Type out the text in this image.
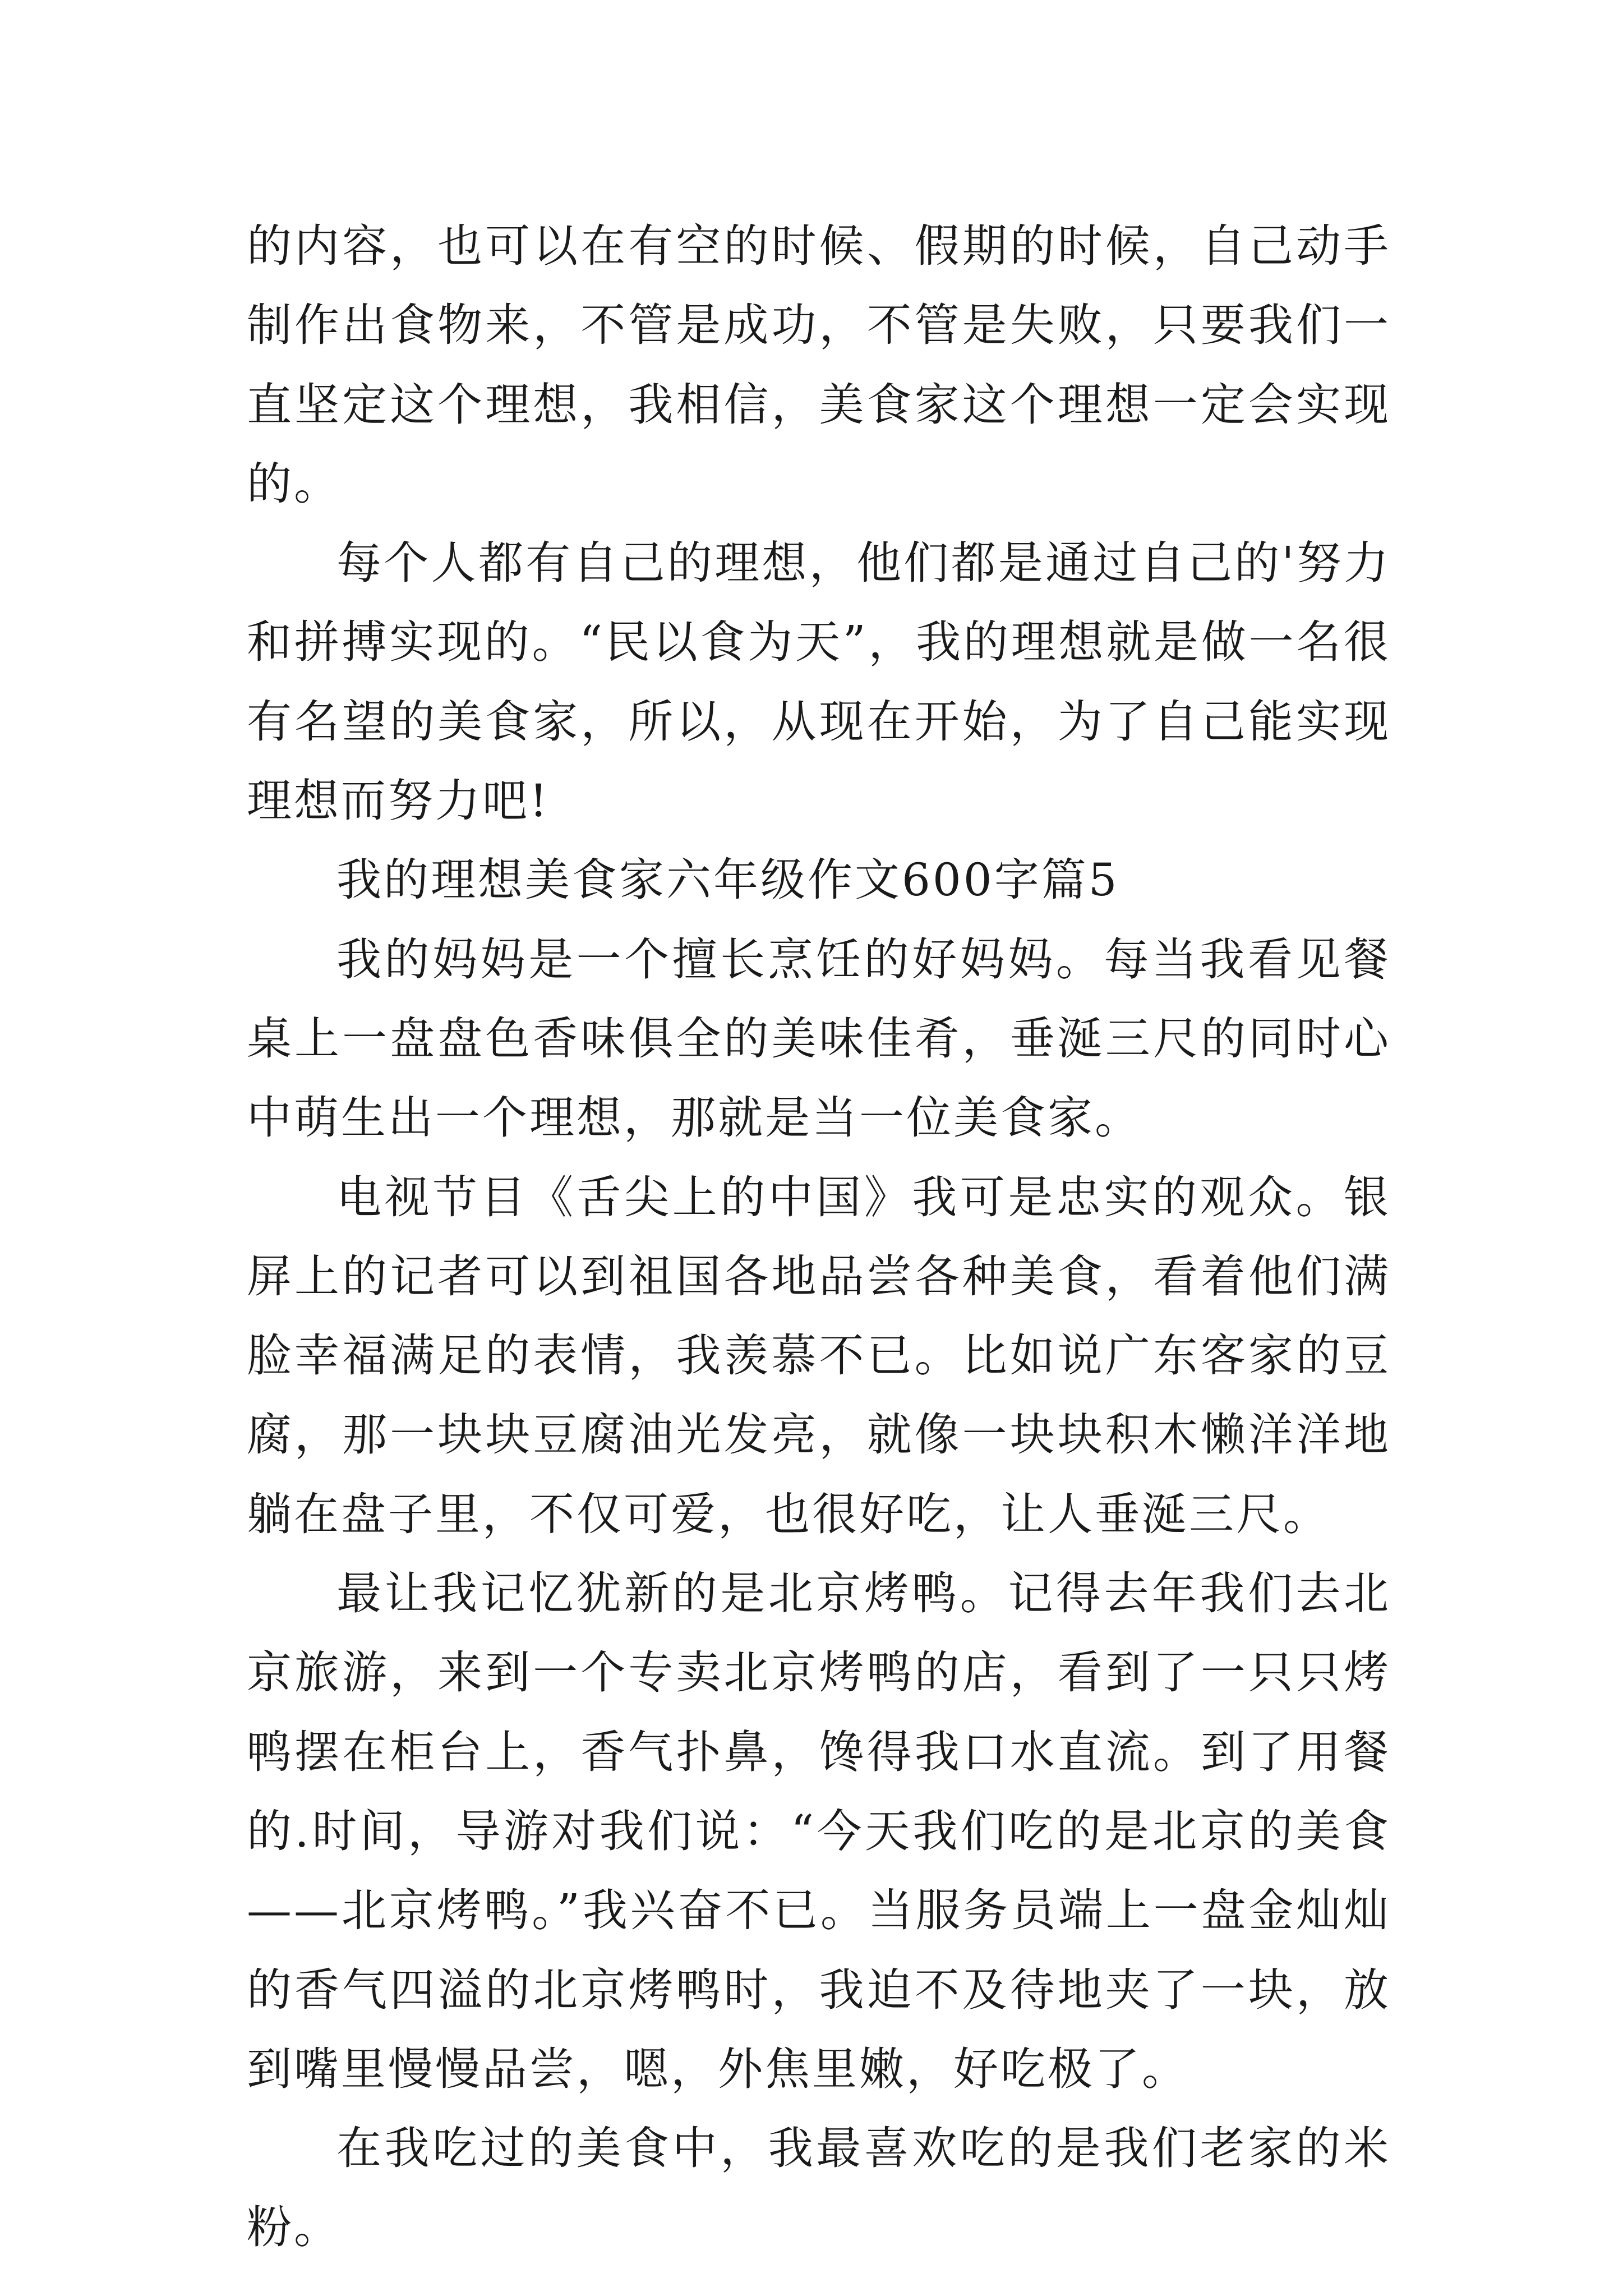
的内容，也可以在有空的时候、假期的时候，自己动手制作出食物来，不管是成功，不管是失败，只要我们一直坚定这个理想，我相信，美食家这个理想一定会实现的。

每个人都有自己的理想，他们都是通过自己的'努力和拼搏实现的。“民以食为天”，我的理想就是做一名很有名望的美食家，所以，从现在开始，为了自己能实现理想而努力吧!

我的理想美食家六年级作文600字篇5

我的妈妈是一个擅长烹饪的好妈妈。每当我看见餐桌上一盘盘色香味俱全的美味佳肴，垂涎三尺的同时心中萌生出一个理想，那就是当一位美食家。

电视节目《舌尖上的中国》我可是忠实的观众。银屏上的记者可以到祖国各地品尝各种美食，看着他们满脸幸福满足的表情，我羡慕不已。比如说广东客家的豆腐，那一块块豆腐油光发亮，就像一块块积木懒洋洋地躺在盘子里，不仅可爱，也很好吃，让人垂涎三尺。

最让我记忆犹新的是北京烤鸭。记得去年我们去北京旅游，来到一个专卖北京烤鸭的店，看到了一只只烤鸭摆在柜台上，香气扑鼻，馋得我口水直流。到了用餐的.时间，导游对我们说：“今天我们吃的是北京的美食——北京烤鸭。”我兴奋不已。当服务员端上一盘金灿灿的香气四溢的北京烤鸭时，我迫不及待地夹了一块，放到嘴里慢慢品尝，嗯，外焦里嫩，好吃极了。

在我吃过的美食中，我最喜欢吃的是我们老家的米粉。
